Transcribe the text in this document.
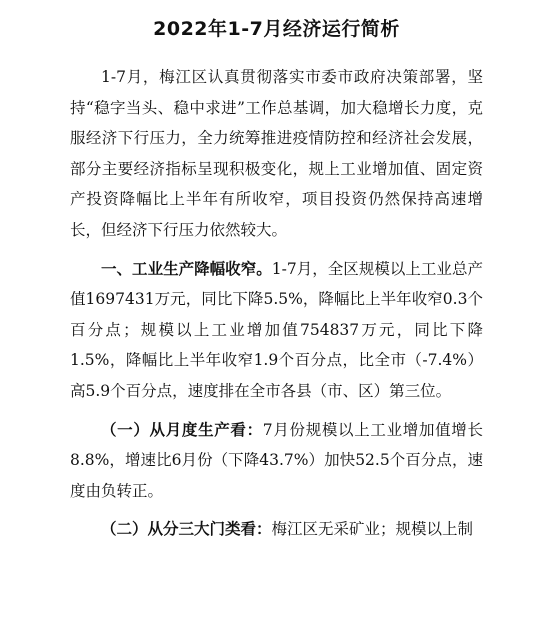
2022年1-7月经济运行简析

1-7月，梅江区认真贯彻落实市委市政府决策部署，坚持“稳字当头、稳中求进”工作总基调，加大稳增长力度，克服经济下行压力，全力统筹推进疫情防控和经济社会发展，部分主要经济指标呈现积极变化，规上工业增加值、固定资产投资降幅比上半年有所收窄，项目投资仍然保持高速增长，但经济下行压力依然较大。

一、工业生产降幅收窄。1-7月，全区规模以上工业总产值1697431万元，同比下降5.5%，降幅比上半年收窄0.3个百分点；规模以上工业增加值754837万元，同比下降1.5%，降幅比上半年收窄1.9个百分点，比全市（-7.4%）高5.9个百分点，速度排在全市各县（市、区）第三位。

（一）从月度生产看：7月份规模以上工业增加值增长8.8%，增速比6月份（下降43.7%）加快52.5个百分点，速度由负转正。

（二）从分三大门类看：梅江区无采矿业；规模以上制
